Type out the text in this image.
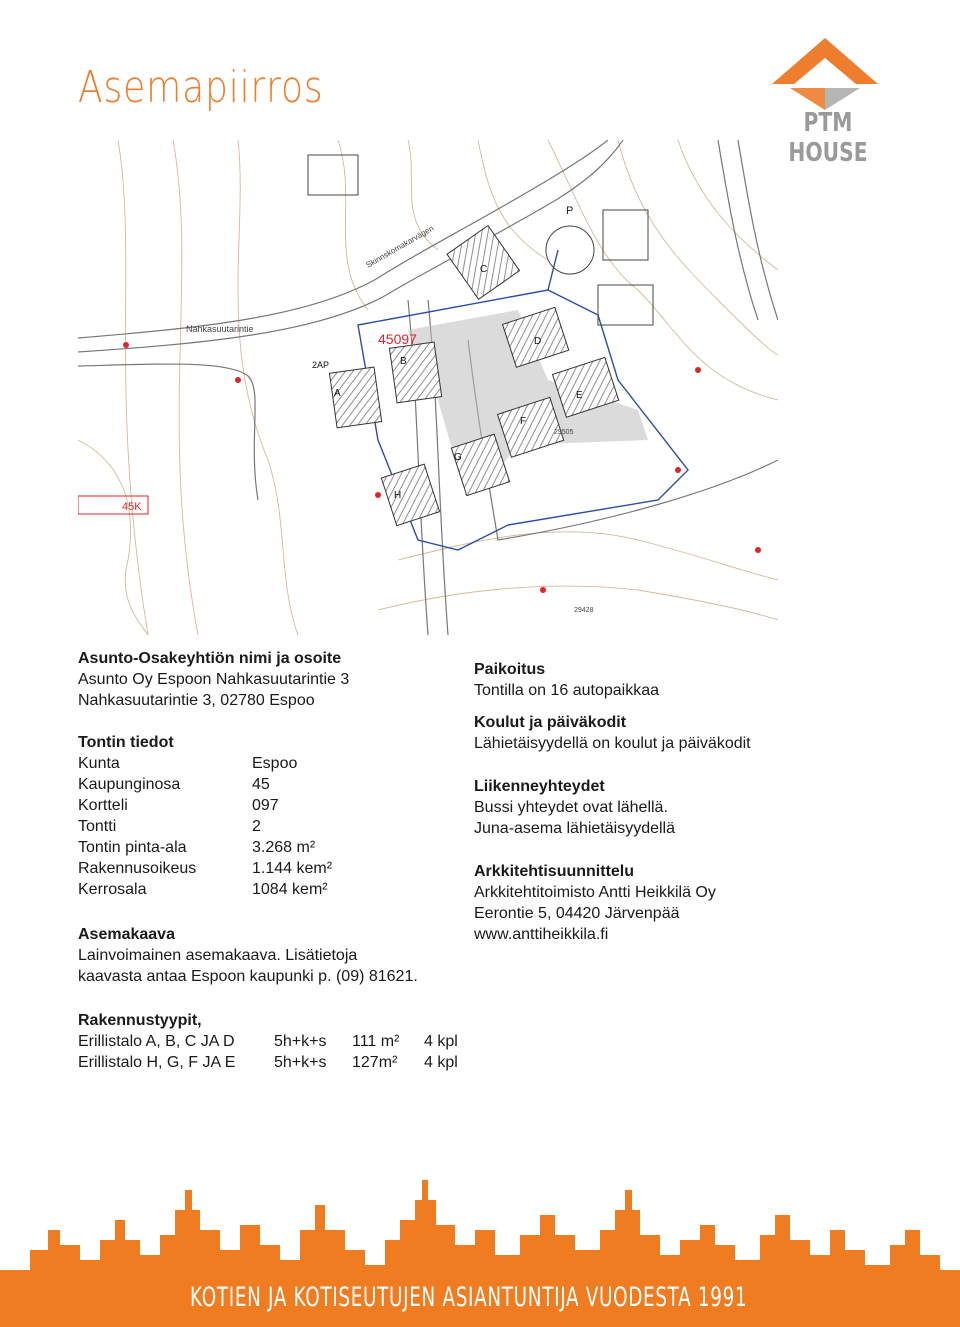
Asemapiirros
PTM HOUSE
Nahkasuutarintie
Skinnskomakarvägen
45097
29505
29428
45K
P
A
B
C
D
E
F
G
H
2AP
Asunto-Osakeyhtiön nimi ja osoite
Asunto Oy Espoon Nahkasuutarintie 3
Nahkasuutarintie 3, 02780 Espoo
Tontin tiedot
Kunta	Espoo
Kaupunginosa	45
Kortteli	097
Tontti	2
Tontin pinta-ala	3.268 m²
Rakennusoikeus	1.144 kem²
Kerrosala	1084 kem²
Asemakaava
Lainvoimainen asemakaava. Lisätietoja
kaavasta antaa Espoon kaupunki p. (09) 81621.
Rakennustyypit,
Erillistalo A, B, C JA D	5h+k+s	111 m²	4 kpl
Erillistalo H, G, F JA E	5h+k+s	127m²	4 kpl
Paikoitus
Tontilla on 16 autopaikkaa
Koulut ja päiväkodit
Lähietäisyydellä on koulut ja päiväkodit
Liikenneyhteydet
Bussi yhteydet ovat lähellä.
Juna-asema lähietäisyydellä
Arkkitehtisuunnittelu
Arkkitehtitoimisto Antti Heikkilä Oy
Eerontie 5, 04420 Järvenpää
www.anttiheikkila.fi
KOTIEN JA KOTISEUTUJEN ASIANTUNTIJA VUODESTA 1991
